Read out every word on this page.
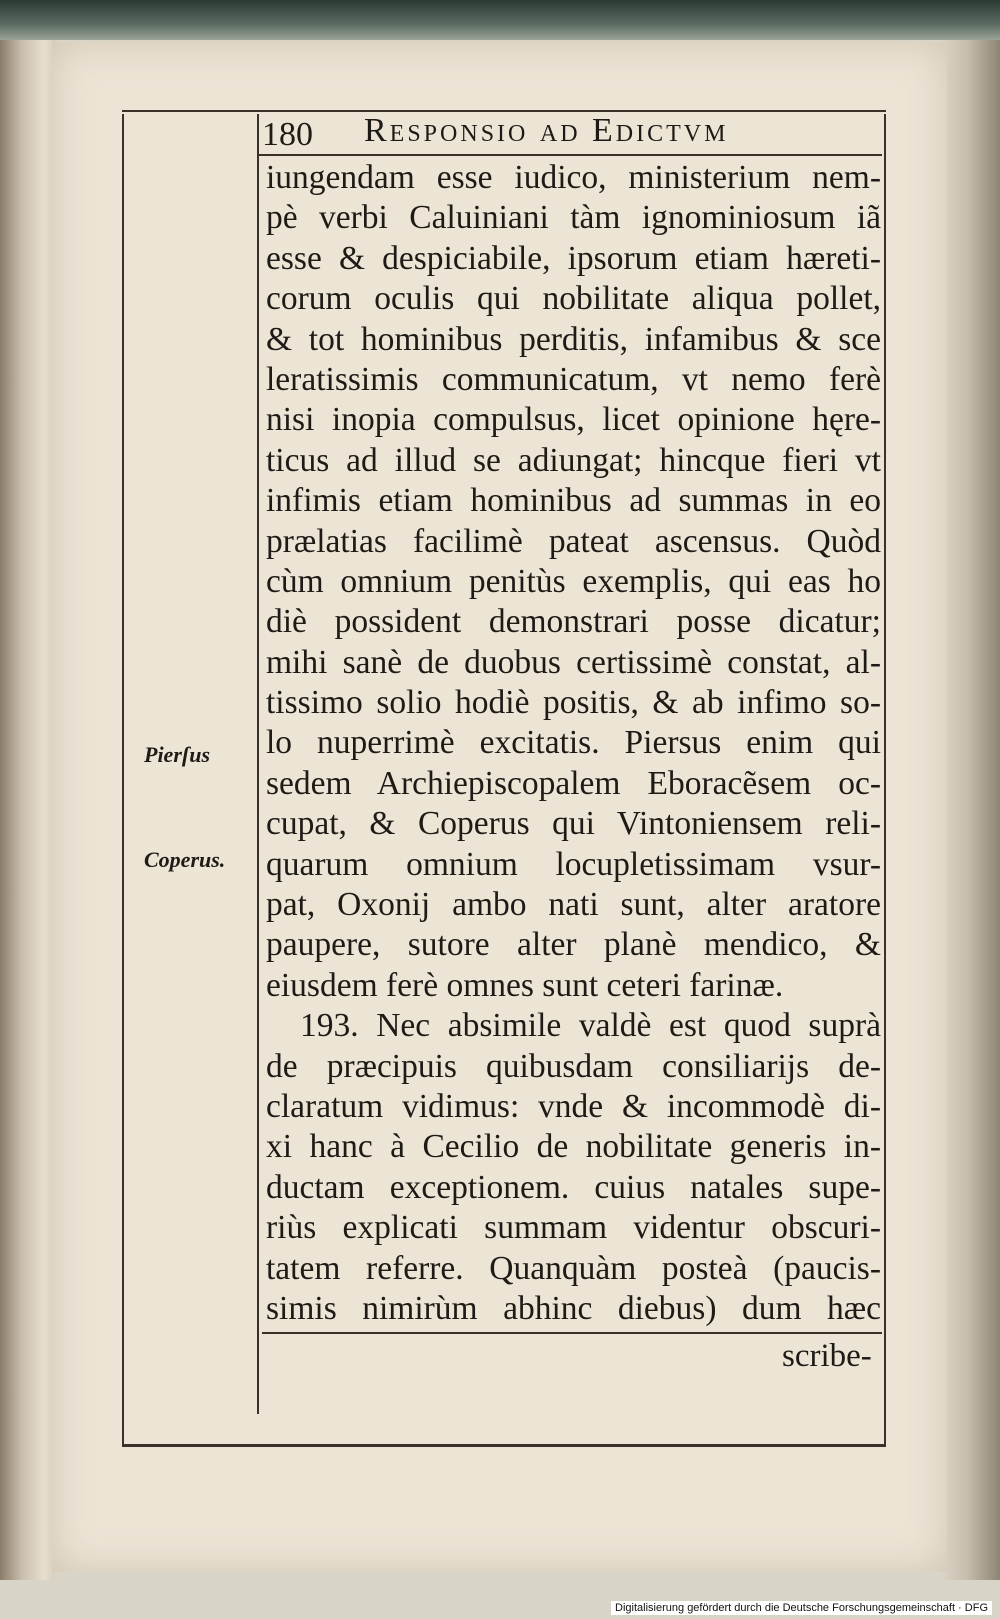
180 Responsio ad Edictvm
Pierſus
Coperus.
iungendam esse iudico, ministerium nem-
pè verbi Caluiniani tàm ignominiosum iã
esse & despiciabile, ipsorum etiam hæreti-
corum oculis qui nobilitate aliqua pollet,
& tot hominibus perditis, infamibus & sce
leratissimis communicatum, vt nemo ferè
nisi inopia compulsus, licet opinione hęre-
ticus ad illud se adiungat; hincque fieri vt
infimis etiam hominibus ad summas in eo
prælatias facilimè pateat ascensus. Quòd
cùm omnium penitùs exemplis, qui eas ho
diè possident demonstrari posse dicatur;
mihi sanè de duobus certissimè constat, al-
tissimo solio hodiè positis, & ab infimo so-
lo nuperrimè excitatis. Piersus enim qui
sedem Archiepiscopalem Eboracẽsem oc-
cupat, & Coperus qui Vintoniensem reli-
quarum omnium locupletissimam vsur-
pat, Oxonij ambo nati sunt, alter aratore
paupere, sutore alter planè mendico, &
eiusdem ferè omnes sunt ceteri farinæ.
193. Nec absimile valdè est quod suprà
de præcipuis quibusdam consiliarijs de-
claratum vidimus: vnde & incommodè di-
xi hanc à Cecilio de nobilitate generis in-
ductam exceptionem. cuius natales supe-
riùs explicati summam videntur obscuri-
tatem referre. Quanquàm posteà (paucis-
simis nimirùm abhinc diebus) dum hæc
scribe-
Digitalisierung gefördert durch die Deutsche Forschungsgemeinschaft · DFG
